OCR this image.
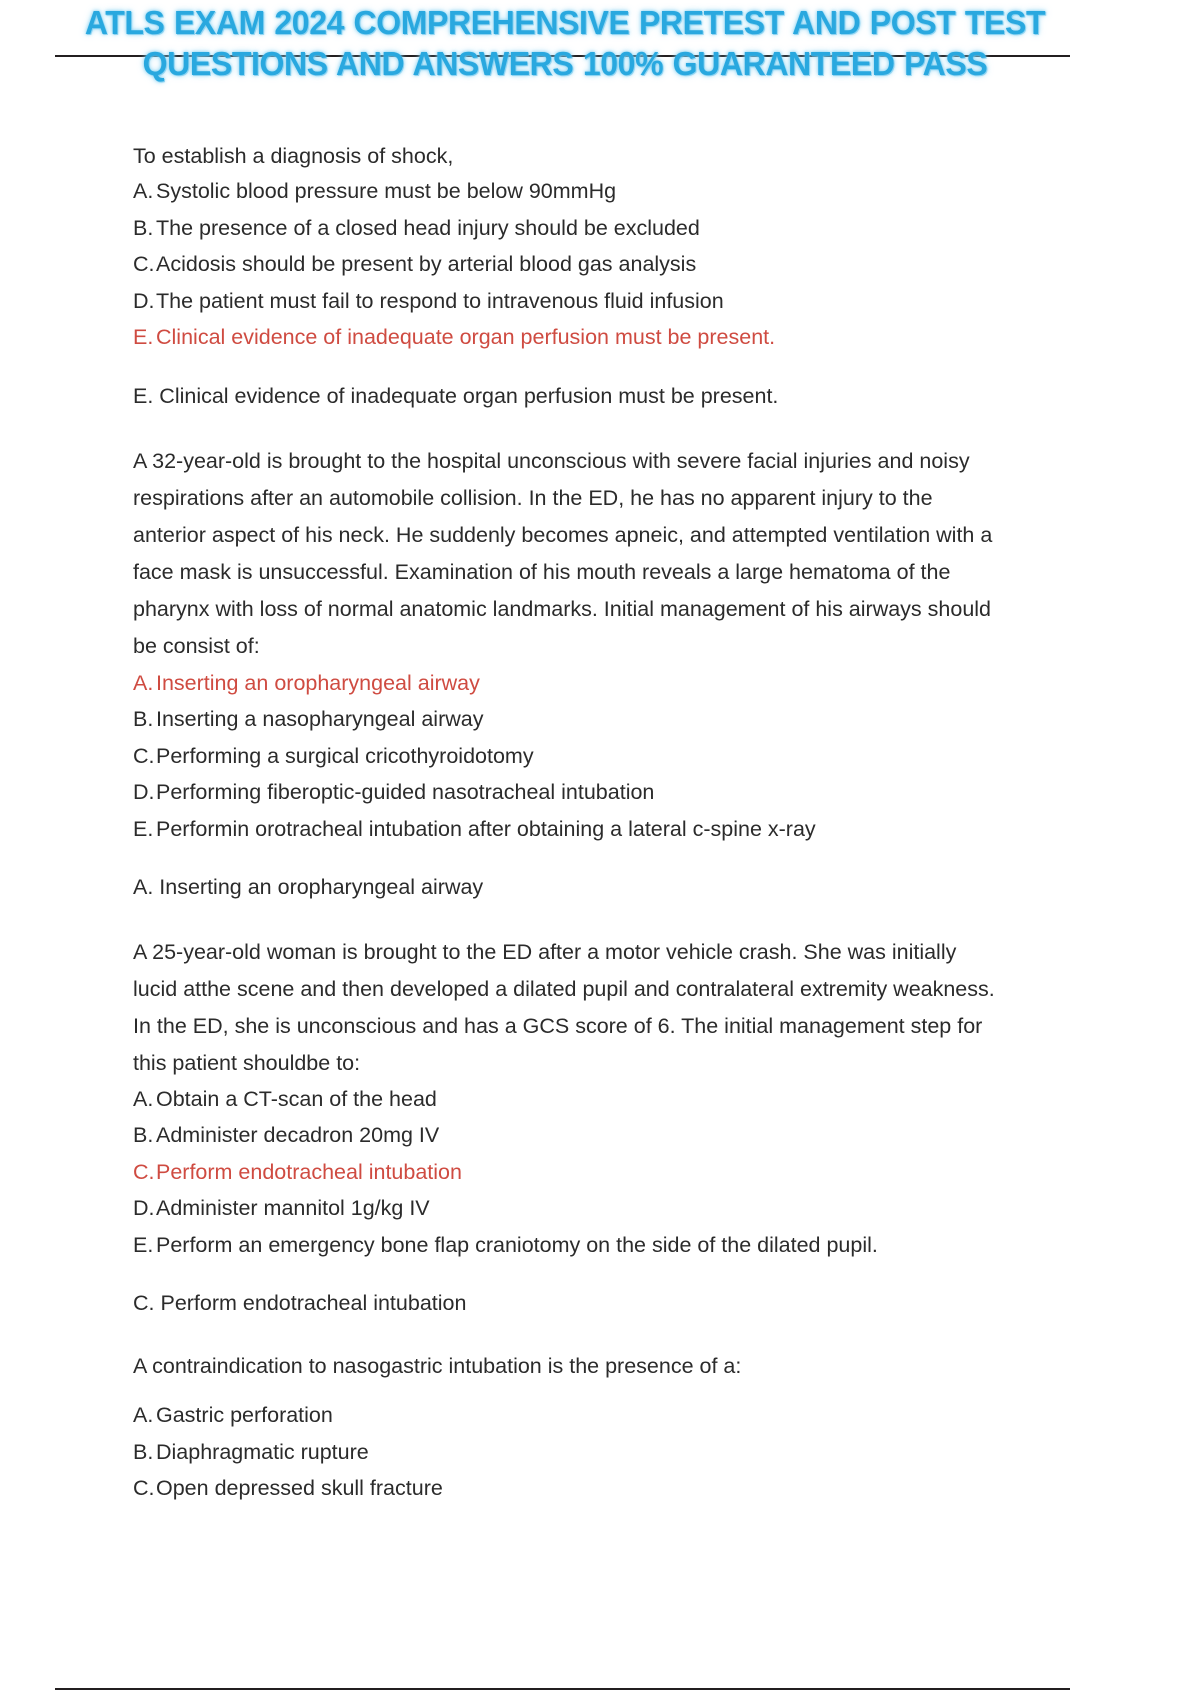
ATLS EXAM 2024 COMPREHENSIVE PRETEST AND POST TEST QUESTIONS AND ANSWERS 100% GUARANTEED PASS

To establish a diagnosis of shock,

A. Systolic blood pressure must be below 90mmHg

B. The presence of a closed head injury should be excluded

C.Acidosis should be present by arterial blood gas analysis

D.The patient must fail to respond to intravenous fluid infusion

E. Clinical evidence of inadequate organ perfusion must be present.

E. Clinical evidence of inadequate organ perfusion must be present.

A 32-year-old is brought to the hospital unconscious with severe facial injuries and noisy respirations after an automobile collision. In the ED, he has no apparent injury to the anterior aspect of his neck. He suddenly becomes apneic, and attempted ventilation with a face mask is unsuccessful. Examination of his mouth reveals a large hematoma of the pharynx with loss of normal anatomic landmarks. Initial management of his airways should be consist of:

A. Inserting an oropharyngeal airway

B. Inserting a nasopharyngeal airway

C.Performing a surgical cricothyroidotomy

D.Performing fiberoptic-guided nasotracheal intubation

E. Performin orotracheal intubation after obtaining a lateral c-spine x-ray

A. Inserting an oropharyngeal airway

A 25-year-old woman is brought to the ED after a motor vehicle crash. She was initially lucid atthe scene and then developed a dilated pupil and contralateral extremity weakness. In the ED, she is unconscious and has a GCS score of 6. The initial management step for this patient shouldbe to:

A. Obtain a CT-scan of the head

B. Administer decadron 20mg IV

C.Perform endotracheal intubation

D.Administer mannitol 1g/kg IV

E. Perform an emergency bone flap craniotomy on the side of the dilated pupil.

C. Perform endotracheal intubation

A contraindication to nasogastric intubation is the presence of a:

A. Gastric perforation

B. Diaphragmatic rupture

C.Open depressed skull fracture
